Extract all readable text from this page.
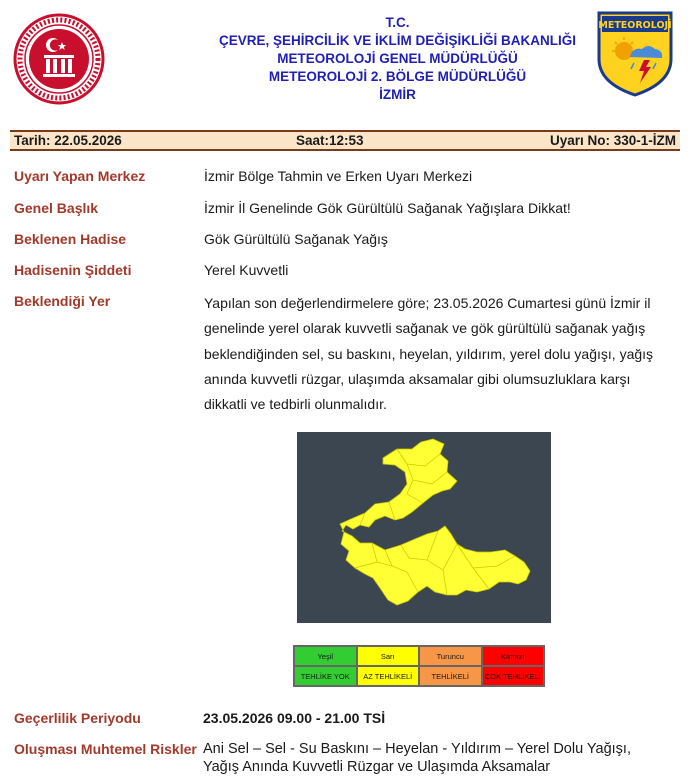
T.C.
ÇEVRE, ŞEHİRCİLİK VE İKLİM DEĞİŞİKLİĞİ BAKANLIĞI
METEOROLOJİ GENEL MÜDÜRLÜĞÜ
METEOROLOJİ 2. BÖLGE MÜDÜRLÜĞÜ
İZMİR
METEOROLOJİ
Tarih: 22.05.2026	Saat:12:53	Uyarı No: 330-1-İZM
Uyarı Yapan Merkez	İzmir Bölge Tahmin ve Erken Uyarı Merkezi
Genel Başlık	İzmir İl Genelinde Gök Gürültülü Sağanak Yağışlara Dikkat!
Beklenen Hadise	Gök Gürültülü Sağanak Yağış
Hadisenin Şiddeti	Yerel Kuvvetli
Beklendiği Yer	Yapılan son değerlendirmelere göre; 23.05.2026 Cumartesi günü İzmir il
genelinde yerel olarak kuvvetli sağanak ve gök gürültülü sağanak yağış
beklendiğinden sel, su baskını, heyelan, yıldırım, yerel dolu yağışı, yağış
anında kuvvetli rüzgar, ulaşımda aksamalar gibi olumsuzluklara karşı
dikkatli ve tedbirli olunmalıdır.
Yeşil	Sarı	Turuncu	Kırmızı
TEHLİKE YOK	AZ TEHLİKELİ	TEHLİKELİ	ÇOK TEHLİKELİ
Geçerlilik Periyodu	23.05.2026 09.00 - 21.00 TSİ
Oluşması Muhtemel Riskler Ani Sel – Sel - Su Baskını – Heyelan - Yıldırım – Yerel Dolu Yağışı,
Yağış Anında Kuvvetli Rüzgar ve Ulaşımda Aksamalar
